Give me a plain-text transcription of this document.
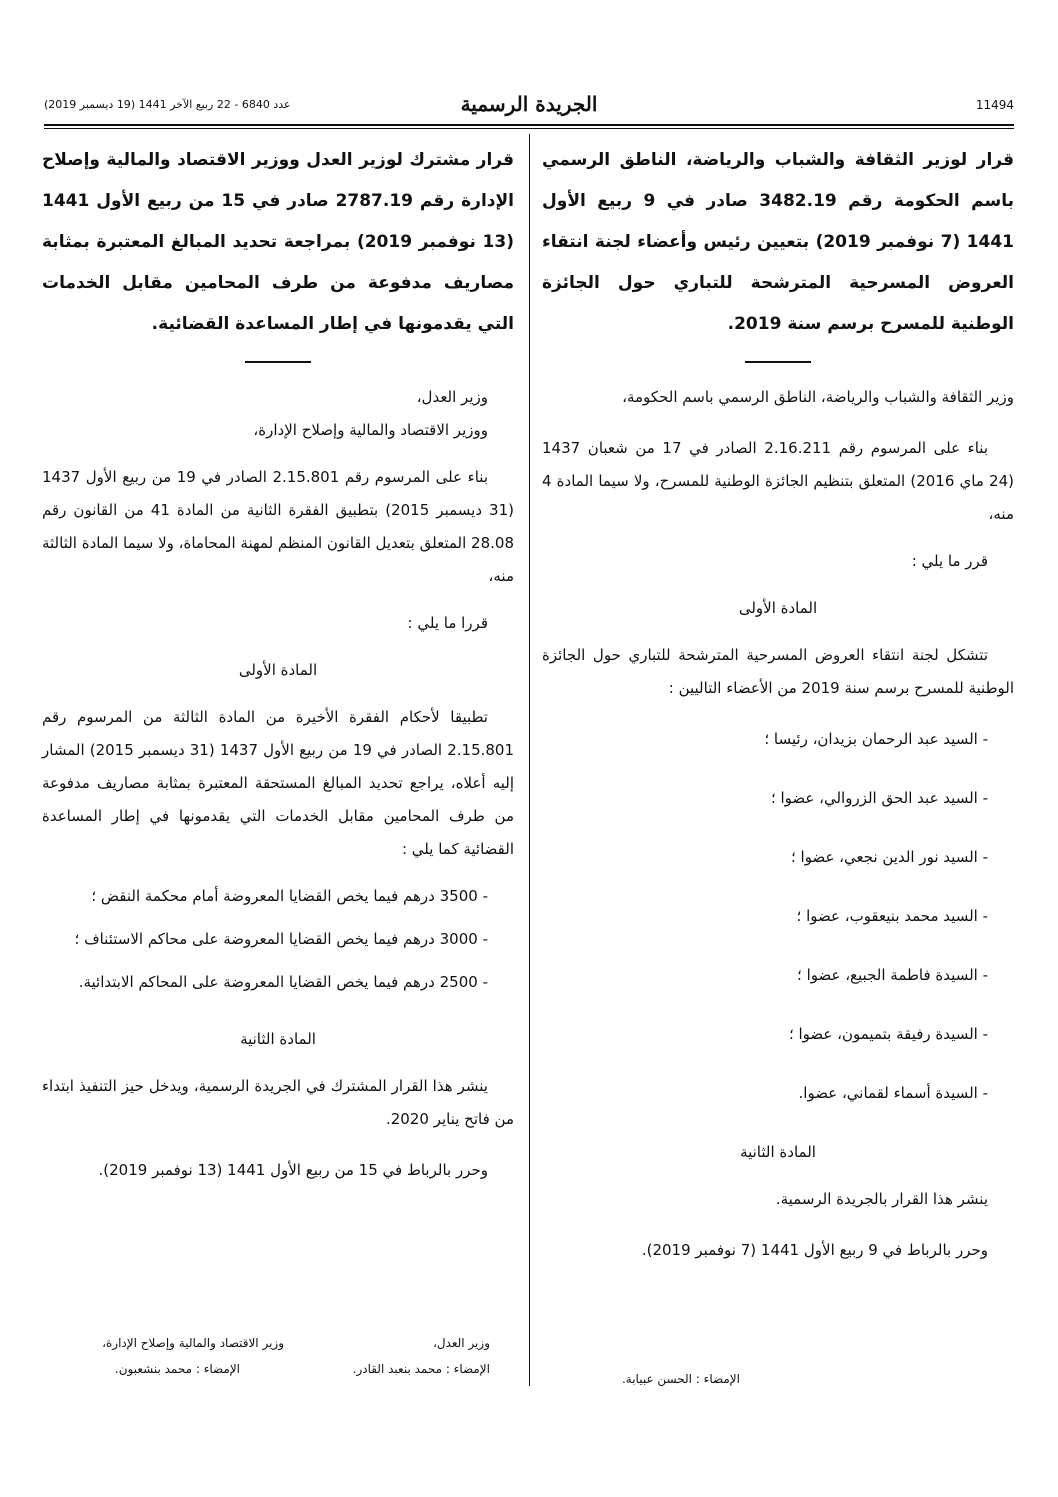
11494
الجريدة الرسمية
عدد 6840 - 22 ربيع الآخر 1441 (19 ديسمبر 2019)

قرار لوزير الثقافة والشباب والرياضة، الناطق الرسمي باسم الحكومة رقم 3482.19 صادر في 9 ربيع الأول 1441 (7 نوفمبر 2019) بتعيين رئيس وأعضاء لجنة انتقاء العروض المسرحية المترشحة للتباري حول الجائزة الوطنية للمسرح برسم سنة 2019.

وزير الثقافة والشباب والرياضة، الناطق الرسمي باسم الحكومة،

بناء على المرسوم رقم 2.16.211 الصادر في 17 من شعبان 1437 (24 ماي 2016) المتعلق بتنظيم الجائزة الوطنية للمسرح، ولا سيما المادة 4 منه،

قرر ما يلي :

المادة الأولى

تتشكل لجنة انتقاء العروض المسرحية المترشحة للتباري حول الجائزة الوطنية للمسرح برسم سنة 2019 من الأعضاء التاليين :

- السيد عبد الرحمان بزيدان، رئيسا ؛

- السيد عبد الحق الزروالي، عضوا ؛

- السيد نور الدين نجعي، عضوا ؛

- السيد محمد بنيعقوب، عضوا ؛

- السيدة فاطمة الجبيع، عضوا ؛

- السيدة رفيقة بتميمون، عضوا ؛

- السيدة أسماء لقماني، عضوا.

المادة الثانية

ينشر هذا القرار بالجريدة الرسمية.

وحرر بالرباط في 9 ربيع الأول 1441 (7 نوفمبر 2019).

الإمضاء : الحسن عبيابة.

قرار مشترك لوزير العدل ووزير الاقتصاد والمالية وإصلاح الإدارة رقم 2787.19 صادر في 15 من ربيع الأول 1441 (13 نوفمبر 2019) بمراجعة تحديد المبالغ المعتبرة بمثابة مصاريف مدفوعة من طرف المحامين مقابل الخدمات التي يقدمونها في إطار المساعدة القضائية.

وزير العدل،

ووزير الاقتصاد والمالية وإصلاح الإدارة،

بناء على المرسوم رقم 2.15.801 الصادر في 19 من ربيع الأول 1437 (31 ديسمبر 2015) بتطبيق الفقرة الثانية من المادة 41 من القانون رقم 28.08 المتعلق بتعديل القانون المنظم لمهنة المحاماة، ولا سيما المادة الثالثة منه،

قررا ما يلي :

المادة الأولى

تطبيقا لأحكام الفقرة الأخيرة من المادة الثالثة من المرسوم رقم 2.15.801 الصادر في 19 من ربيع الأول 1437 (31 ديسمبر 2015) المشار إليه أعلاه، يراجع تحديد المبالغ المستحقة المعتبرة بمثابة مصاريف مدفوعة من طرف المحامين مقابل الخدمات التي يقدمونها في إطار المساعدة القضائية كما يلي :

- 3500 درهم فيما يخص القضايا المعروضة أمام محكمة النقض ؛

- 3000 درهم فيما يخص القضايا المعروضة على محاكم الاستئناف ؛

- 2500 درهم فيما يخص القضايا المعروضة على المحاكم الابتدائية.

المادة الثانية

ينشر هذا القرار المشترك في الجريدة الرسمية، ويدخل حيز التنفيذ ابتداء من فاتح يناير 2020.

وحرر بالرباط في 15 من ربيع الأول 1441 (13 نوفمبر 2019).

وزير العدل،
الإمضاء : محمد بنعبد القادر.
وزير الاقتصاد والمالية وإصلاح الإدارة،
الإمضاء : محمد بنشعبون.
